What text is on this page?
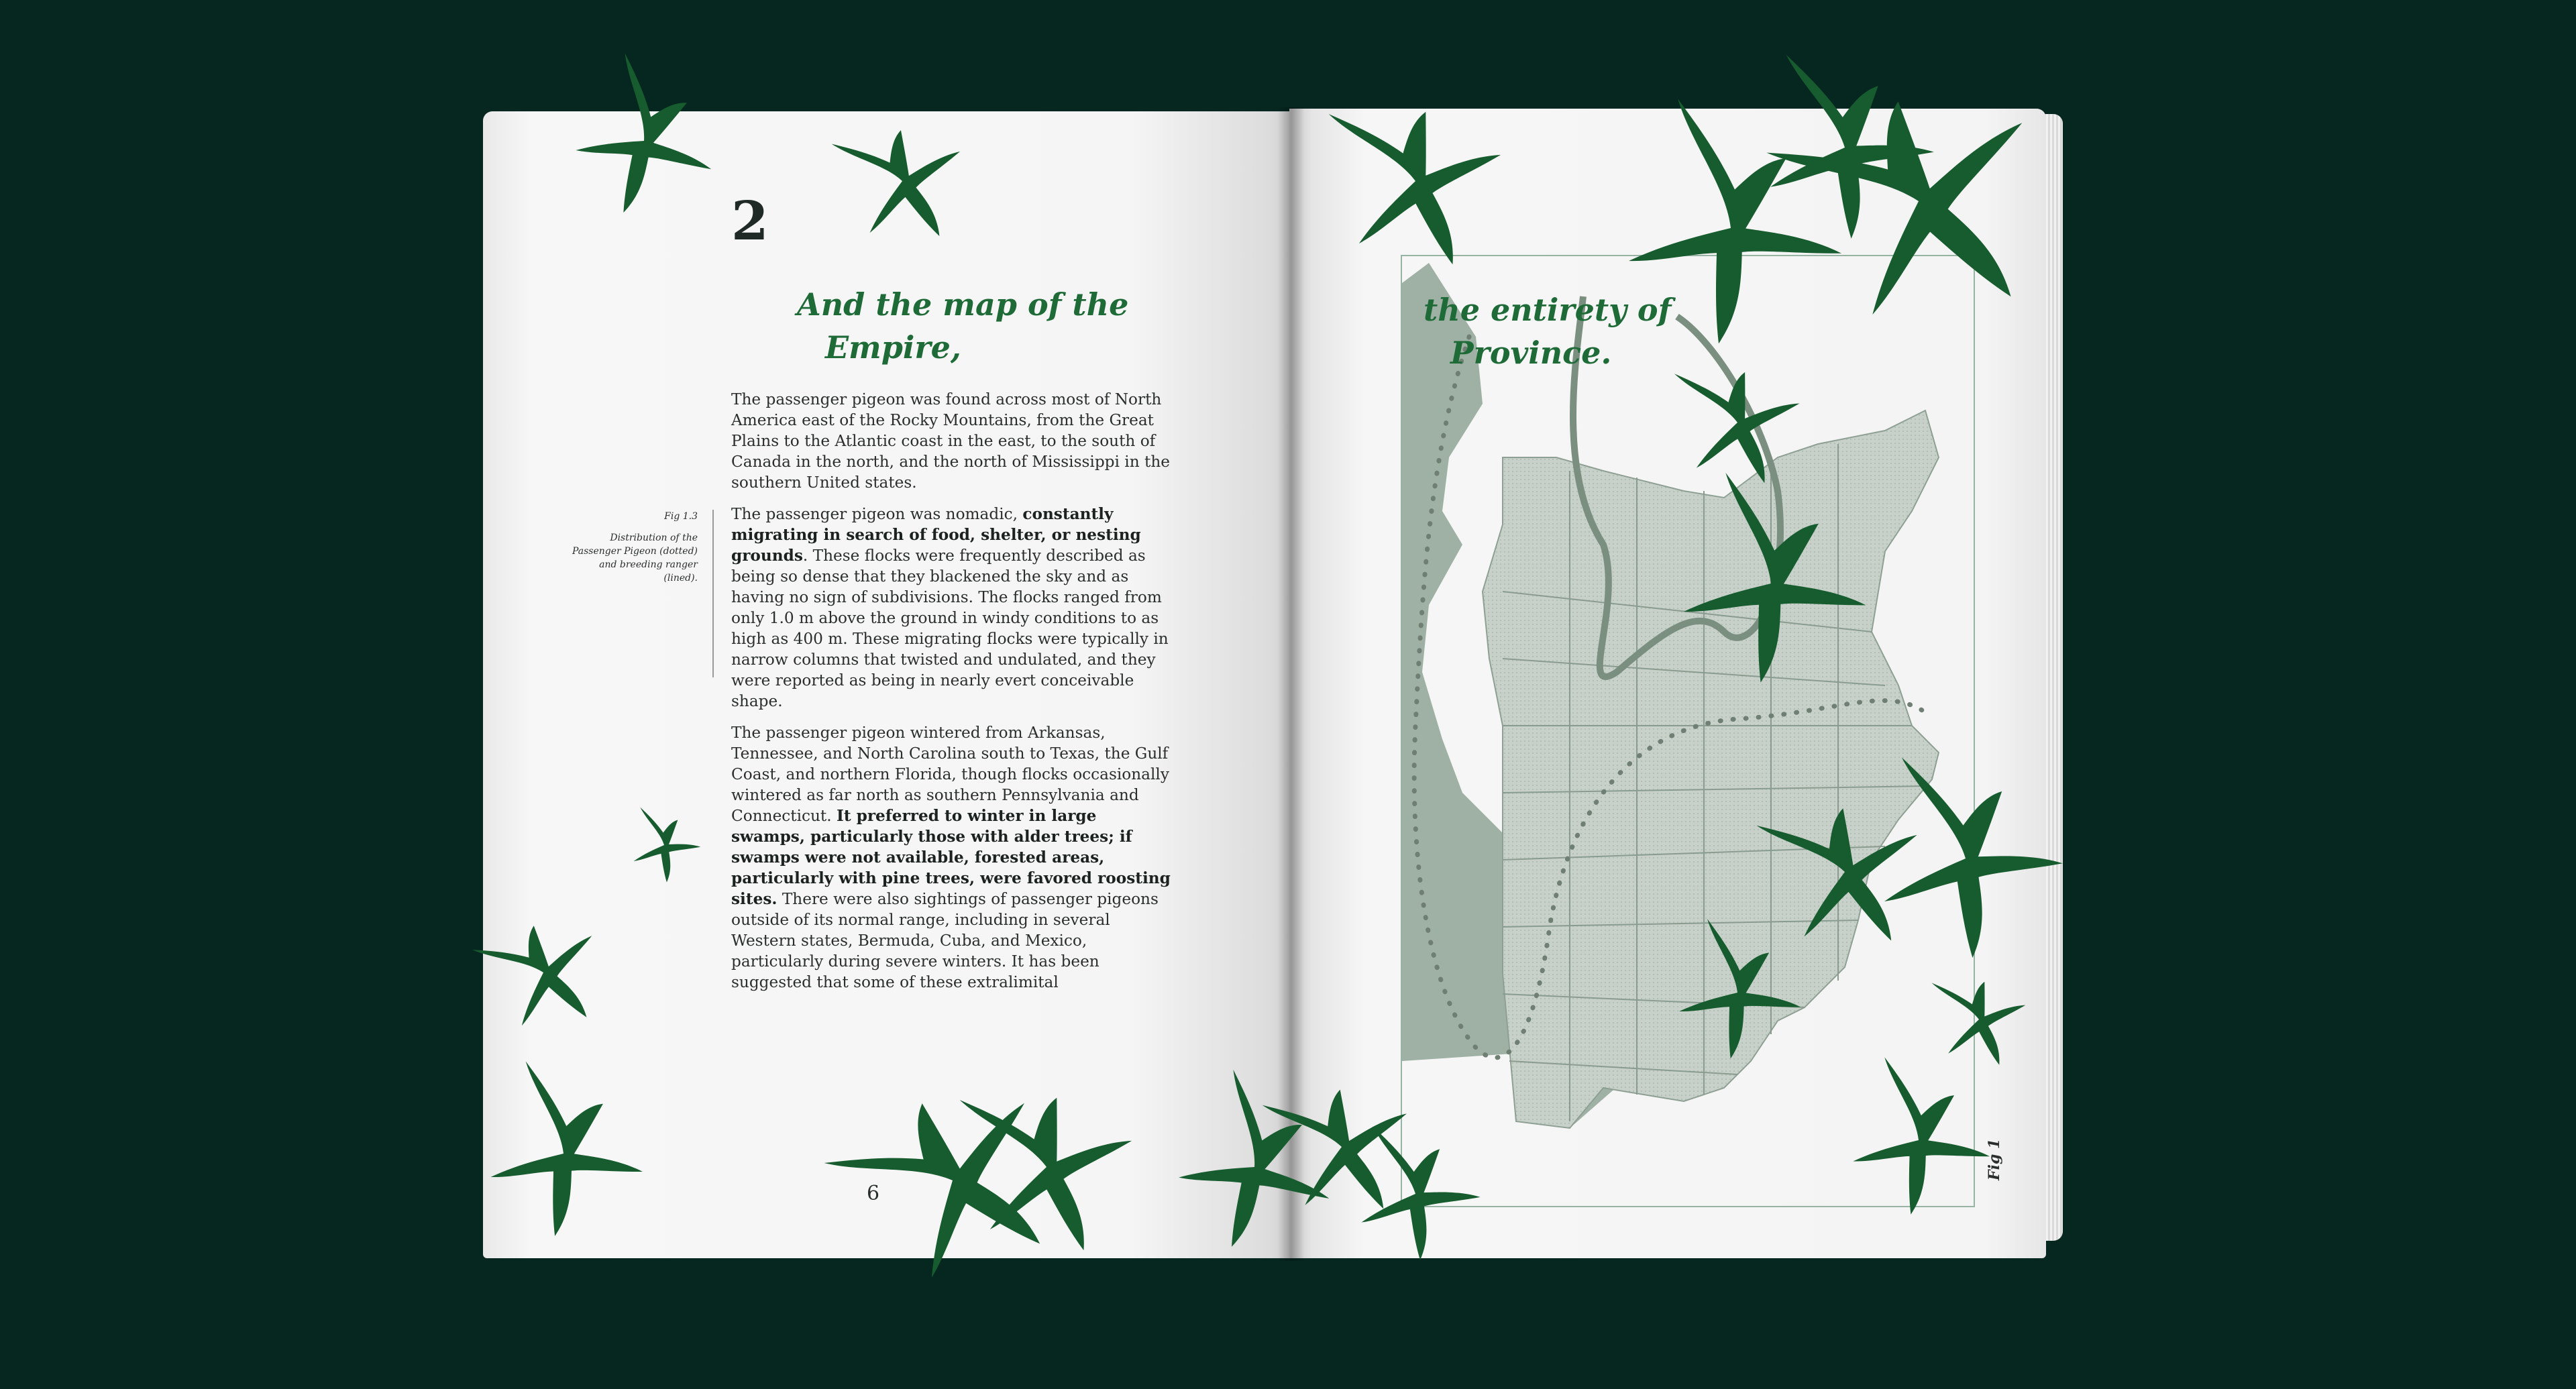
2
And the map of the
Empire,
Fig 1.3
Distribution of the Passenger Pigeon (dotted) and breeding ranger (lined).

The passenger pigeon was found across most of North America east of the Rocky Mountains, from the Great Plains to the Atlantic coast in the east, to the south of Canada in the north, and the north of Mississippi in the southern United states.

The passenger pigeon was nomadic, constantly migrating in search of food, shelter, or nesting grounds. These flocks were frequently described as being so dense that they blackened the sky and as having no sign of subdivisions. The flocks ranged from only 1.0 m above the ground in windy conditions to as high as 400 m. These migrating flocks were typically in narrow columns that twisted and undulated, and they were reported as being in nearly evert conceivable shape.

The passenger pigeon wintered from Arkansas, Tennessee, and North Carolina south to Texas, the Gulf Coast, and northern Florida, though flocks occasionally wintered as far north as southern Pennsylvania and Connecticut. It preferred to winter in large swamps, particularly those with alder trees; if swamps were not available, forested areas, particularly with pine trees, were favored roosting sites. There were also sightings of passenger pigeons outside of its normal range, including in several Western states, Bermuda, Cuba, and Mexico, particularly during severe winters. It has been suggested that some of these extralimital

6
the entirety of
Province.
Fig 1
